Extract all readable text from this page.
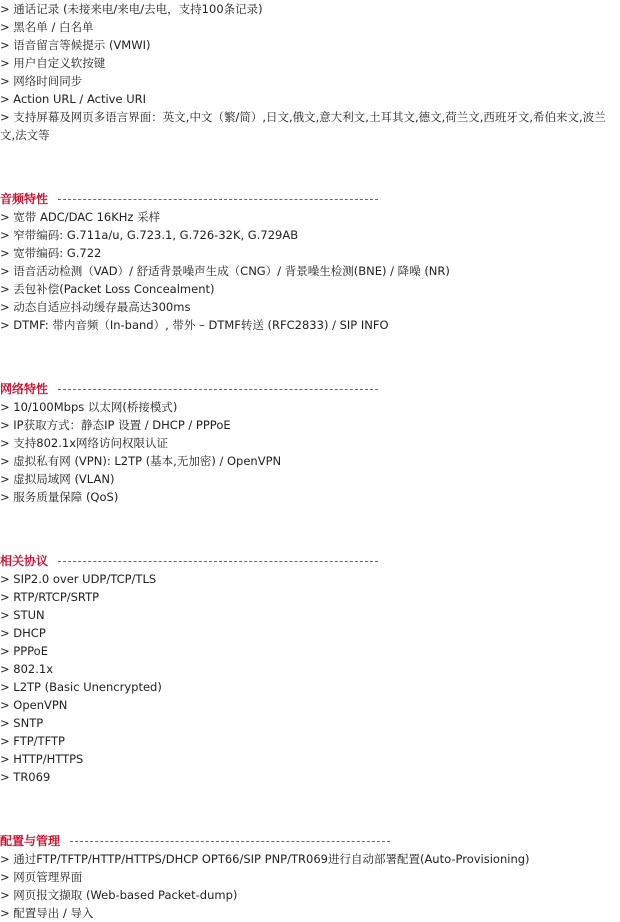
> 通话记录 (未接来电/来电/去电，支持100条记录)
> 黑名单 / 白名单
> 语音留言等候提示 (VMWI)
> 用户自定义软按键
> 网络时间同步
> Action URL / Active URI
> 支持屏幕及网页多语言界面：英文,中文（繁/简）,日文,俄文,意大利文,土耳其文,德文,荷兰文,西班牙文,希伯来文,波兰文,法文等
音频特性
> 宽带 ADC/DAC 16KHz 采样
> 窄带编码: G.711a/u, G.723.1, G.726-32K, G.729AB
> 宽带编码: G.722
> 语音活动检测（VAD）/ 舒适背景噪声生成（CNG）/ 背景噪生检测(BNE) / 降噪 (NR)
> 丢包补偿(Packet Loss Concealment)
> 动态自适应抖动缓存最高达300ms
> DTMF: 带内音频（In-band）, 带外 – DTMF转送 (RFC2833) / SIP INFO
网络特性
> 10/100Mbps 以太网(桥接模式)
> IP获取方式：静态IP 设置 / DHCP / PPPoE
> 支持802.1x网络访问权限认证
> 虚拟私有网 (VPN): L2TP (基本,无加密) / OpenVPN
> 虚拟局域网 (VLAN)
> 服务质量保障 (QoS)
相关协议
> SIP2.0 over UDP/TCP/TLS
> RTP/RTCP/SRTP
> STUN
> DHCP
> PPPoE
> 802.1x
> L2TP (Basic Unencrypted)
> OpenVPN
> SNTP
> FTP/TFTP
> HTTP/HTTPS
> TR069
配置与管理
> 通过FTP/TFTP/HTTP/HTTPS/DHCP OPT66/SIP PNP/TR069进行自动部署配置(Auto-Provisioning)
> 网页管理界面
> 网页报文撷取 (Web-based Packet-dump)
> 配置导出 / 导入
